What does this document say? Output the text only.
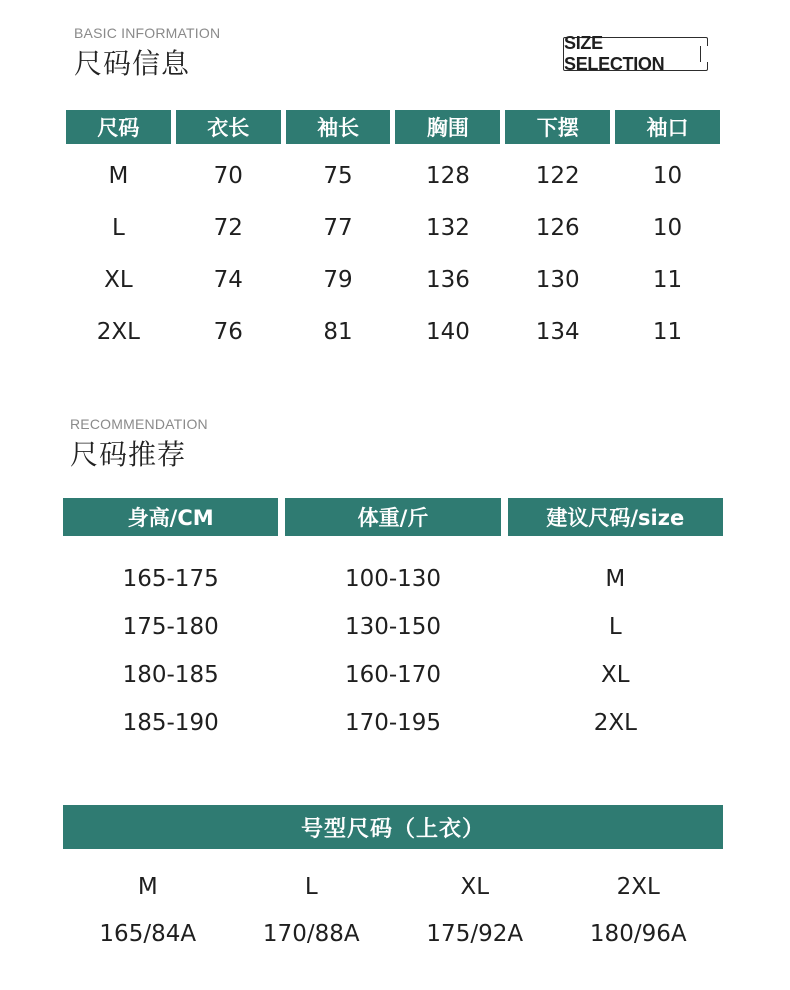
BASIC INFORMATION
尺码信息
SIZE SELECTION
尺码	衣长	袖长	胸围	下摆	袖口
M	70	75	128	122	10
L	72	77	132	126	10
XL	74	79	136	130	11
2XL	76	81	140	134	11
RECOMMENDATION
尺码推荐
身高/CM	体重/斤	建议尺码/size
165-175	100-130	M
175-180	130-150	L
180-185	160-170	XL
185-190	170-195	2XL
号型尺码（上衣）
M	L	XL	2XL
165/84A	170/88A	175/92A	180/96A
